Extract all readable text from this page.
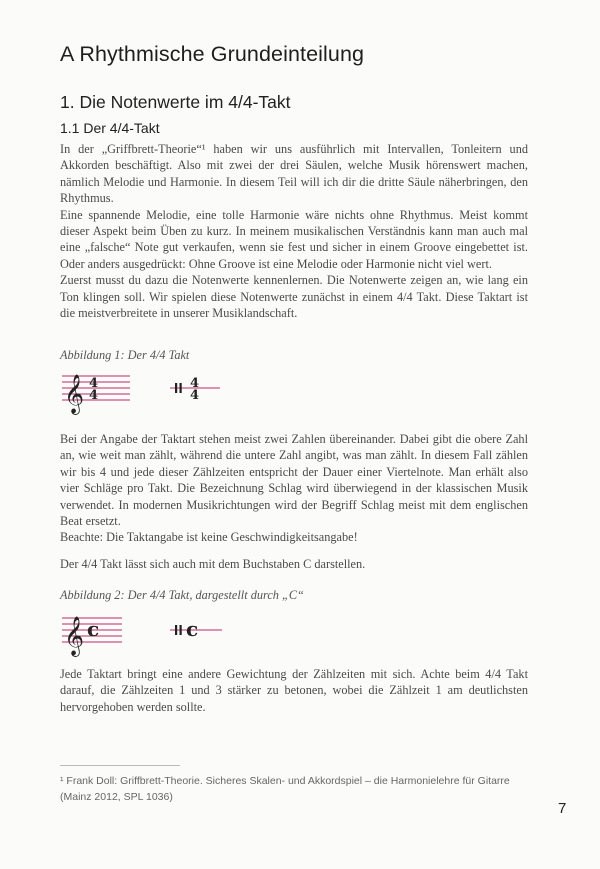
A Rhythmische Grundeinteilung
1. Die Notenwerte im 4/4-Takt
1.1 Der 4/4-Takt

In der „Griffbrett-Theorie“¹ haben wir uns ausführlich mit Intervallen, Tonleitern und Akkorden beschäftigt. Also mit zwei der drei Säulen, welche Musik hörenswert machen, nämlich Melodie und Harmonie. In diesem Teil will ich dir die dritte Säule näherbringen, den Rhythmus.

Eine spannende Melodie, eine tolle Harmonie wäre nichts ohne Rhythmus. Meist kommt dieser Aspekt beim Üben zu kurz. In meinem musikalischen Verständnis kann man auch mal eine „falsche“ Note gut verkaufen, wenn sie fest und sicher in einem Groove eingebettet ist. Oder anders ausgedrückt: Ohne Groove ist eine Melodie oder Harmonie nicht viel wert.

Zuerst musst du dazu die Notenwerte kennenlernen. Die Notenwerte zeigen an, wie lang ein Ton klingen soll. Wir spielen diese Notenwerte zunächst in einem 4/4 Takt. Diese Taktart ist die meistverbreitete in unserer Musiklandschaft.

Abbildung 1: Der 4/4 Takt
𝄞 4
4
4
4

Bei der Angabe der Taktart stehen meist zwei Zahlen übereinander. Dabei gibt die obere Zahl an, wie weit man zählt, während die untere Zahl angibt, was man zählt. In diesem Fall zählen wir bis 4 und jede dieser Zählzeiten entspricht der Dauer einer Viertelnote. Man erhält also vier Schläge pro Takt. Die Bezeichnung Schlag wird überwiegend in der klassischen Musik verwendet. In modernen Musikrichtungen wird der Begriff Schlag meist mit dem englischen Beat ersetzt.

Beachte: Die Taktangabe ist keine Geschwindigkeitsangabe!

Der 4/4 Takt lässt sich auch mit dem Buchstaben C darstellen.
Abbildung 2: Der 4/4 Takt, dargestellt durch „C“
𝄞 c	c
Jede Taktart bringt eine andere Gewichtung der Zählzeiten mit sich. Achte beim 4/4 Takt darauf, die Zählzeiten 1 und 3 stärker zu betonen, wobei die Zählzeit 1 am deutlichsten hervorgehoben werden sollte.
¹ Frank Doll: Griffbrett-Theorie. Sicheres Skalen- und Akkordspiel – die Harmonielehre für Gitarre (Mainz 2012, SPL 1036)
7
